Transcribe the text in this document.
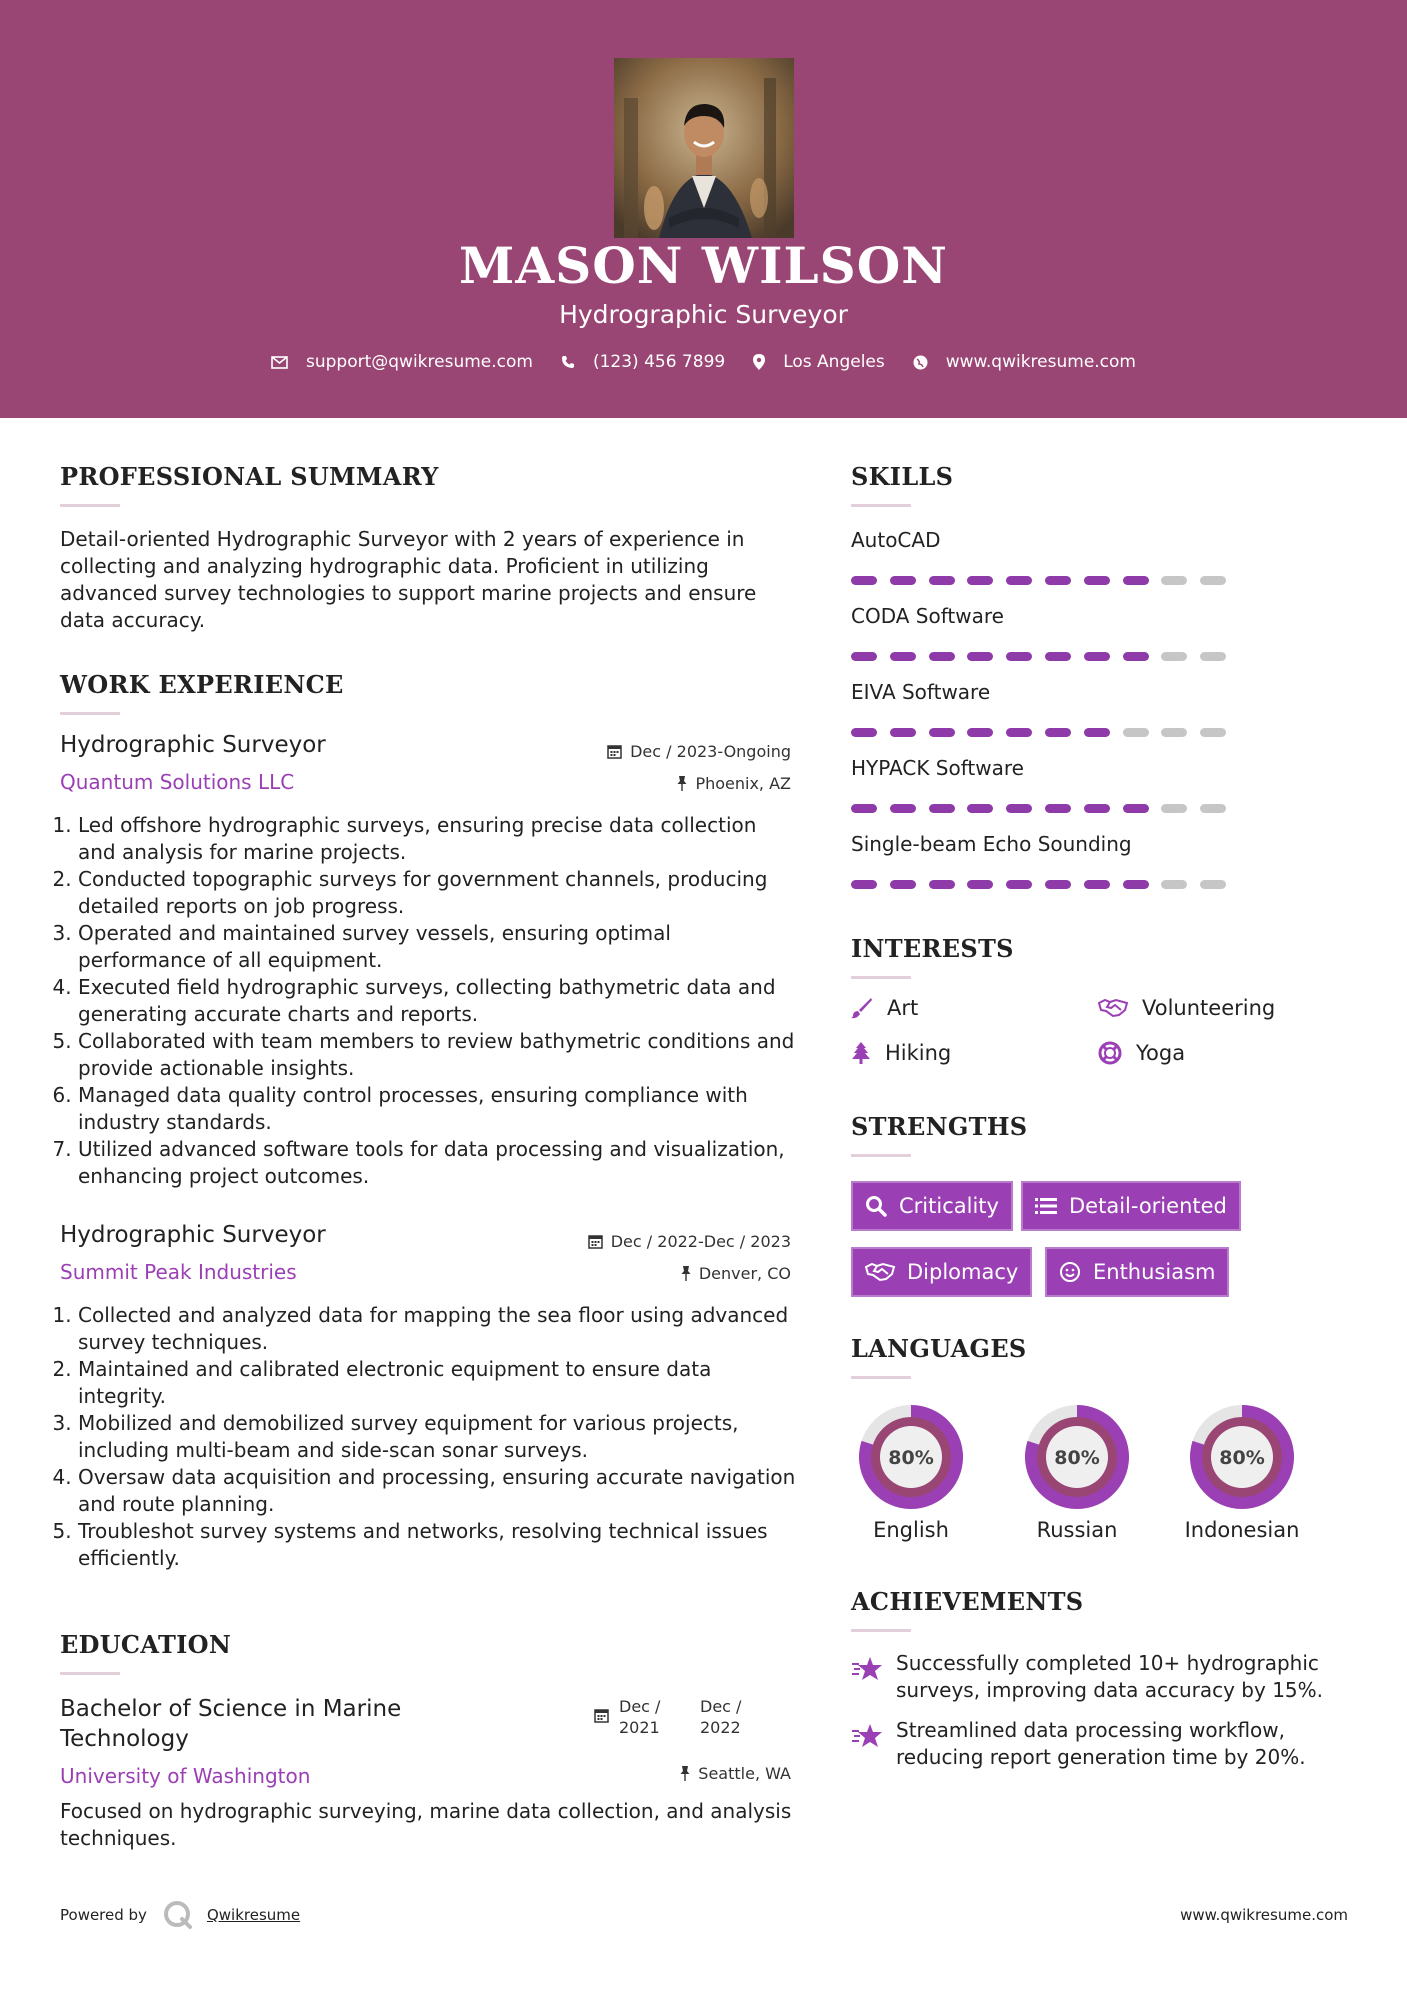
MASON WILSON
Hydrographic Surveyor
support@qwikresume.com	(123) 456 7899	Los Angeles	www.qwikresume.com
PROFESSIONAL SUMMARY
Detail-oriented Hydrographic Surveyor with 2 years of experience in collecting and analyzing hydrographic data. Proficient in utilizing advanced survey technologies to support marine projects and ensure data accuracy.
WORK EXPERIENCE
Hydrographic Surveyor
Quantum Solutions LLC
Dec / 2023-Ongoing
Phoenix, AZ
1. Led offshore hydrographic surveys, ensuring precise data collection and analysis for marine projects.
2. Conducted topographic surveys for government channels, producing detailed reports on job progress.
3. Operated and maintained survey vessels, ensuring optimal performance of all equipment.
4. Executed field hydrographic surveys, collecting bathymetric data and generating accurate charts and reports.
5. Collaborated with team members to review bathymetric conditions and provide actionable insights.
6. Managed data quality control processes, ensuring compliance with industry standards.
7. Utilized advanced software tools for data processing and visualization, enhancing project outcomes.
Hydrographic Surveyor
Summit Peak Industries
Dec / 2022-Dec / 2023
Denver, CO
1. Collected and analyzed data for mapping the sea floor using advanced survey techniques.
2. Maintained and calibrated electronic equipment to ensure data integrity.
3. Mobilized and demobilized survey equipment for various projects, including multi-beam and side-scan sonar surveys.
4. Oversaw data acquisition and processing, ensuring accurate navigation and route planning.
5. Troubleshot survey systems and networks, resolving technical issues efficiently.
EDUCATION
Bachelor of Science in Marine
Technology
University of Washington
Dec /
2021
Dec /
2022
Seattle, WA
Focused on hydrographic surveying, marine data collection, and analysis techniques.
SKILLS
AutoCAD
CODA Software
EIVA Software
HYPACK Software
Single-beam Echo Sounding
INTERESTS
Art	Volunteering
Hiking	Yoga
STRENGTHS
Criticality	Detail-oriented
Diplomacy	Enthusiasm
LANGUAGES
80%	80%	80%
English	Russian	Indonesian
ACHIEVEMENTS
Successfully completed 10+ hydrographic
surveys, improving data accuracy by 15%.
Streamlined data processing workflow,
reducing report generation time by 20%.
Powered by	Qwikresume	www.qwikresume.com
